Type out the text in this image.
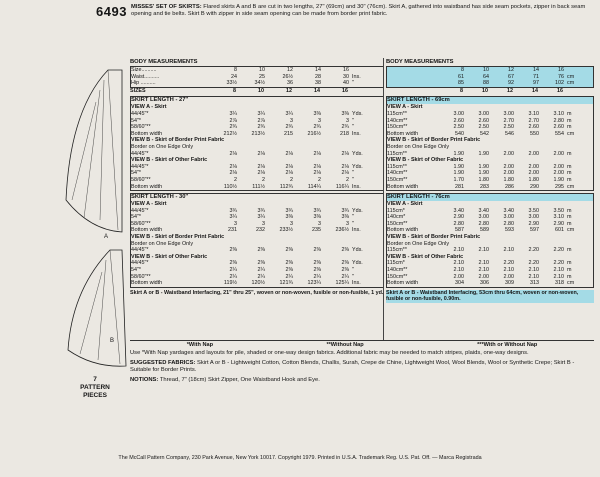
6493 MISSES' SET OF SKIRTS: Flared skirts A and B are cut in two lengths, 27" (69cm) and 30" (76cm). Skirt A, gathered into waistband has side seam pockets, zipper in back seam opening and tie belts. Skirt B with zipper in side seam opening can be made from border print fabric.
A
B
7
PATTERN
PIECES
BODY MEASUREMENTS
Size..........	8	10	12	14	16
Waist..........	24	25	26½	28	30 Ins.
Hip ..........	33½	34½	36	38	40 "
SIZES	8	10	12	14	16
SKIRT LENGTH - 27"
VIEW A - Skirt
44/45"*	3¼	3¼	3¼	3⅜	3⅜ Yds.
54"*	2⅞	2⅞	3	3	3 "
58/60"**	2¾	2¾	2¾	2¾	2¾ "
Bottom width	212½	213½	215	216½	218 Ins.
VIEW B - Skirt of Border Print Fabric
Border on One Edge Only
44/45"*	2⅛	2⅛	2⅛	2⅛	2⅛ Yds.
VIEW B - Skirt of Other Fabric
44/45"*	2⅛	2⅛	2⅛	2⅛	2⅛ Yds.
54"*	2⅛	2⅛	2⅛	2⅛	2⅛ "
58/60"**	2	2	2	2	2 "
Bottom width	110½	111½	112¾	114¼	116¼ Ins.
SKIRT LENGTH - 30"
VIEW A - Skirt
44/45"*	3¾	3¾	3¾	3¾	3¾ Yds.
54"*	3¼	3¼	3⅜	3⅜	3⅜ "
58/60"**	3	3	3	3	3 "
Bottom width	231	232	233½	235	236½ Ins.
VIEW B - Skirt of Border Print Fabric
Border on One Edge Only
44/45"*	2⅜	2⅜	2⅜	2⅜	2⅜ Yds.
VIEW B - Skirt of Other Fabric
44/45"*	2⅜	2⅜	2⅜	2⅜	2⅜ Yds.
54"*	2¼	2¼	2⅜	2⅜	2⅜ "
58/60"**	2¼	2¼	2¼	2¼	2¼ "
Bottom width	119½	120½	121¾	123¼	125¼ Ins.
Skirt A or B - Waistband Interfacing, 21" thru 25", woven or non-woven, fusible or non-fusible, 1 yd.
BODY MEASUREMENTS
8	10	12	14	16
61	64	67	71	76 cm
85	88	92	97	102 cm
8	10	12	14	16
SKIRT LENGTH - 69cm
VIEW A - Skirt
115cm**	3.00	3.00	3.00	3.10	3.10 m
140cm**	2.60	2.60	2.70	2.70	2.80 m
150cm**	2.50	2.50	2.50	2.60	2.60 m
Bottom width	540	542	546	550	554 cm
VIEW B - Skirt of Border Print Fabric
Border on One Edge Only
115cm**	1.90	1.90	2.00	2.00	2.00 m
VIEW B - Skirt of Other Fabric
115cm**	1.90	1.90	2.00	2.00	2.00 m
140cm**	1.90	1.90	2.00	2.00	2.00 m
150cm**	1.70	1.80	1.80	1.80	1.90 m
Bottom width	281	283	286	290	295 cm
SKIRT LENGTH - 76cm
VIEW A - Skirt
115cm*	3.40	3.40	3.40	3.50	3.50 m
140cm*	2.90	3.00	3.00	3.00	3.10 m
150cm**	2.80	2.80	2.80	2.90	2.90 m
Bottom width	587	589	593	597	601 cm
VIEW B - Skirt of Border Print Fabric
Border on One Edge Only
115cm**	2.10	2.10	2.10	2.20	2.20 m
VIEW B - Skirt of Other Fabric
115cm*	2.10	2.10	2.20	2.20	2.20 m
140cm**	2.10	2.10	2.10	2.10	2.10 m
150cm**	2.00	2.00	2.00	2.10	2.10 m
Bottom width	304	306	309	313	318 cm
Skirt A or B - Waistband Interfacing, 53cm thru 64cm, woven or non-woven, fusible or non-fusible, 0.90m.
*With Nap	**Without Nap	***With or Without Nap

Use *With Nap yardages and layouts for pile, shaded or one-way design fabrics. Additional fabric may be needed to match stripes, plaids, one-way designs.

SUGGESTED FABRICS: Skirt A or B - Lightweight Cotton, Cotton Blends, Challis, Surah, Crepe de Chine, Lightweight Wool, Wool Blends, Wool or Synthetic Crepe; Skirt B - Suitable for Border Prints.

NOTIONS: Thread, 7" (18cm) Skirt Zipper, One Waistband Hook and Eye.

The McCall Pattern Company, 230 Park Avenue, New York 10017. Copyright 1979. Printed in U.S.A. Trademark Reg. U.S. Pat. Off. — Marca Registrada
